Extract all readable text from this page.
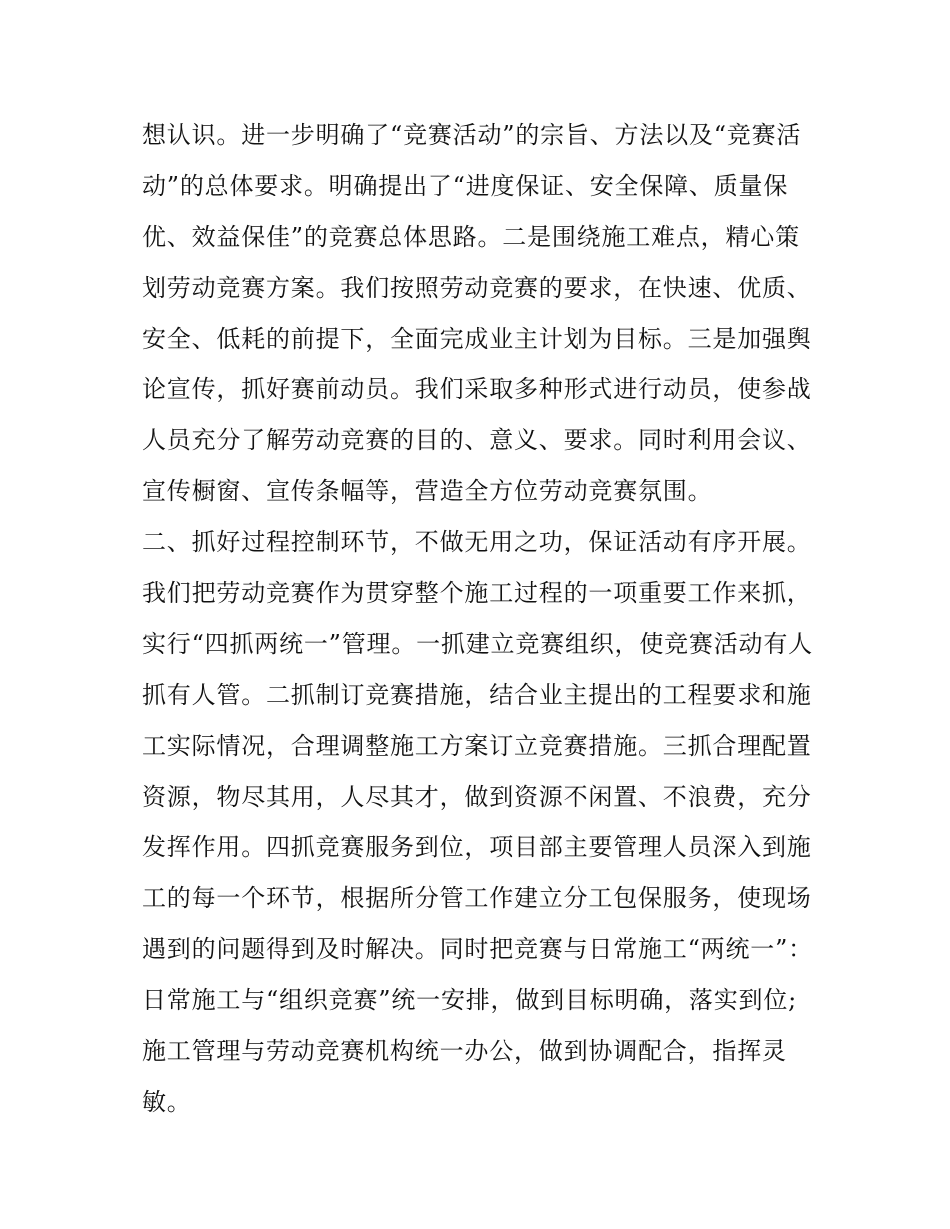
想认识。进一步明确了“竞赛活动”的宗旨、方法以及“竞赛活
动”的总体要求。明确提出了“进度保证、安全保障、质量保
优、效益保佳”的竞赛总体思路。二是围绕施工难点，精心策
划劳动竞赛方案。我们按照劳动竞赛的要求，在快速、优质、
安全、低耗的前提下，全面完成业主计划为目标。三是加强舆
论宣传，抓好赛前动员。我们采取多种形式进行动员，使参战
人员充分了解劳动竞赛的目的、意义、要求。同时利用会议、
宣传橱窗、宣传条幅等，营造全方位劳动竞赛氛围。
二、抓好过程控制环节，不做无用之功，保证活动有序开展。
我们把劳动竞赛作为贯穿整个施工过程的一项重要工作来抓，
实行“四抓两统一”管理。一抓建立竞赛组织，使竞赛活动有人
抓有人管。二抓制订竞赛措施，结合业主提出的工程要求和施
工实际情况，合理调整施工方案订立竞赛措施。三抓合理配置
资源，物尽其用，人尽其才，做到资源不闲置、不浪费，充分
发挥作用。四抓竞赛服务到位，项目部主要管理人员深入到施
工的每一个环节，根据所分管工作建立分工包保服务，使现场
遇到的问题得到及时解决。同时把竞赛与日常施工“两统一”：
日常施工与“组织竞赛”统一安排，做到目标明确，落实到位;
施工管理与劳动竞赛机构统一办公，做到协调配合，指挥灵
敏。
